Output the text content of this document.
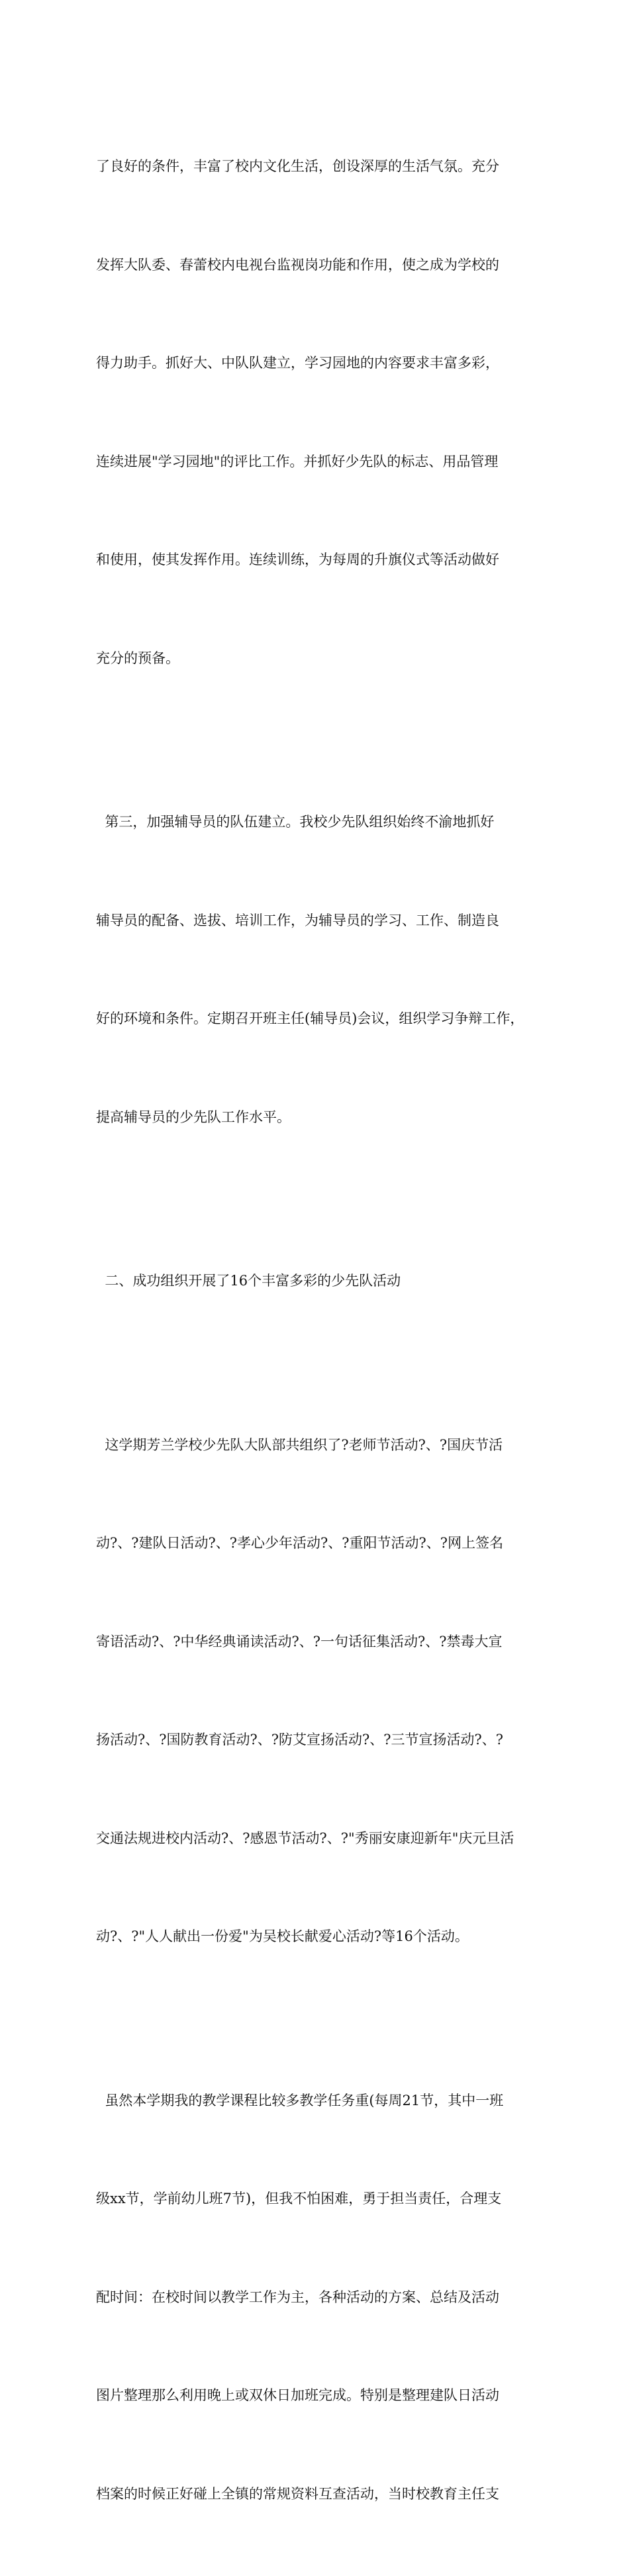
了良好的条件，丰富了校内文化生活，创设深厚的生活气氛。充分

发挥大队委、春蕾校内电视台监视岗功能和作用，使之成为学校的

得力助手。抓好大、中队队建立，学习园地的内容要求丰富多彩，

连续进展"学习园地"的评比工作。并抓好少先队的标志、用品管理

和使用，使其发挥作用。连续训练，为每周的升旗仪式等活动做好

充分的预备。

第三，加强辅导员的队伍建立。我校少先队组织始终不渝地抓好

辅导员的配备、选拔、培训工作，为辅导员的学习、工作、制造良

好的环境和条件。定期召开班主任(辅导员)会议，组织学习争辩工作，

提高辅导员的少先队工作水平。

二、成功组织开展了16个丰富多彩的少先队活动

这学期芳兰学校少先队大队部共组织了?老师节活动?、?国庆节活

动?、?建队日活动?、?孝心少年活动?、?重阳节活动?、?网上签名

寄语活动?、?中华经典诵读活动?、?一句话征集活动?、?禁毒大宣

扬活动?、?国防教育活动?、?防艾宣扬活动?、?三节宣扬活动?、?

交通法规进校内活动?、?感恩节活动?、?"秀丽安康迎新年"庆元旦活

动?、?"人人献出一份爱"为吴校长献爱心活动?等16个活动。

虽然本学期我的教学课程比较多教学任务重(每周21节，其中一班

级xx节，学前幼儿班7节)，但我不怕困难，勇于担当责任，合理支

配时间：在校时间以教学工作为主，各种活动的方案、总结及活动

图片整理那么利用晚上或双休日加班完成。特别是整理建队日活动

档案的时候正好碰上全镇的常规资料互查活动，当时校教育主任支
